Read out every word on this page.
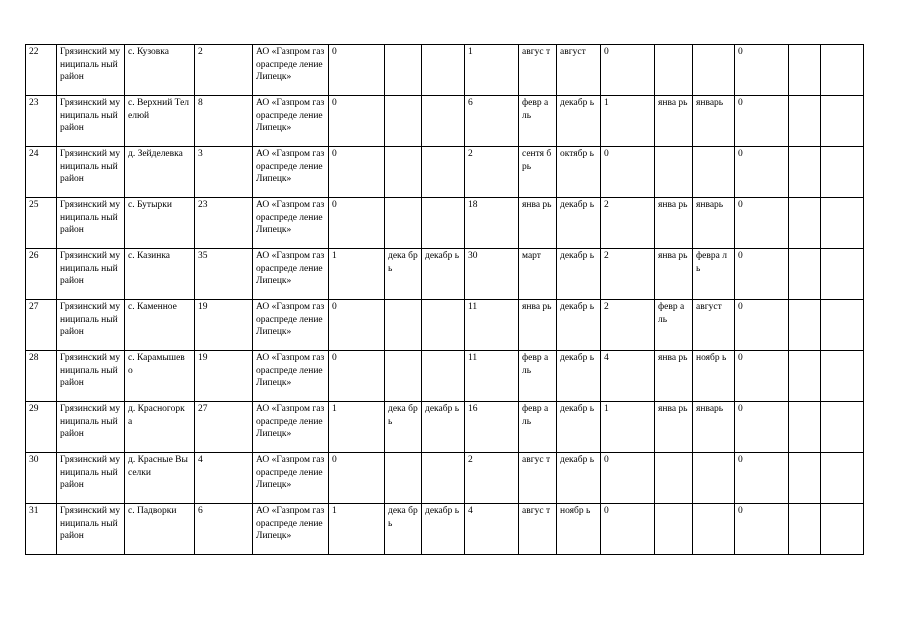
22	Грязинский муниципаль ный район	с. Кузовка	2	АО «Газпром газораспреде ление Липецк»	0			1	авгус т	август	0			0		
23	Грязинский муниципаль ный район	с. Верхний Телелюй	8	АО «Газпром газораспреде ление Липецк»	0			6	февр аль	декабр ь	1	янва рь	январь	0		
24	Грязинский муниципаль ный район	д. Зейделевка	3	АО «Газпром газораспреде ление Липецк»	0			2	сентя брь	октябр ь	0			0		
25	Грязинский муниципаль ный район	с. Бутырки	23	АО «Газпром газораспреде ление Липецк»	0			18	янва рь	декабр ь	2	янва рь	январь	0		
26	Грязинский муниципаль ный район	с. Казинка	35	АО «Газпром газораспреде ление Липецк»	1	дека брь	декабр ь	30	март	декабр ь	2	янва рь	февра ль	0		
27	Грязинский муниципаль ный район	с. Каменное	19	АО «Газпром газораспреде ление Липецк»	0			11	янва рь	декабр ь	2	февр аль	август	0		
28	Грязинский муниципаль ный район	с. Карамышев о	19	АО «Газпром газораспреде ление Липецк»	0			11	февр аль	декабр ь	4	янва рь	ноябр ь	0		
29	Грязинский муниципаль ный район	д. Красногорк а	27	АО «Газпром газораспреде ление Липецк»	1	дека брь	декабр ь	16	февр аль	декабр ь	1	янва рь	январь	0		
30	Грязинский муниципаль ный район	д. Красные Выселки	4	АО «Газпром газораспреде ление Липецк»	0			2	авгус т	декабр ь	0			0		
31	Грязинский муниципаль ный район	с. Падворки	6	АО «Газпром газораспреде ление Липецк»	1	дека брь	декабр ь	4	авгус т	ноябр ь	0			0		
